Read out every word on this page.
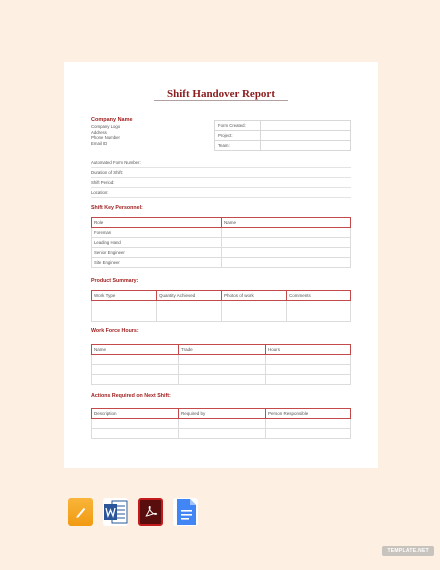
Shift Handover Report
Company Name
Company Logo
Address
Phone Number
Email ID
Form Created:	
Project:	
Team:	
Automated Form Number:
Duration of Shift:
Shift Period:
Location:
Shift Key Personnel:
Role	Name
Foreman	
Leading Hand	
Senior Engineer	
Site Engineer	
Product Summary:
Work Type	Quantity Achieved	Photos of work	Comments

Work Force Hours:
Name	Trade	Hours

Actions Required on Next Shift:
Description	Required by	Person Responsible

TEMPLATE.NET
